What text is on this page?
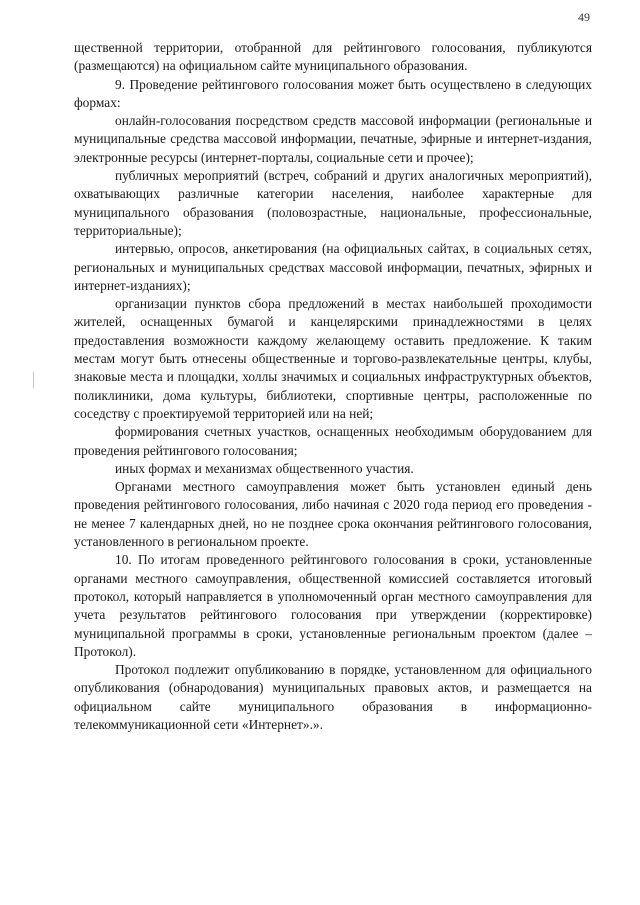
49

щественной территории, отобранной для рейтингового голосования, публикуются (размещаются) на официальном сайте муниципального образования.

9. Проведение рейтингового голосования может быть осуществлено в следующих формах:

онлайн-голосования посредством средств массовой информации (региональные и муниципальные средства массовой информации, печатные, эфирные и интернет-издания, электронные ресурсы (интернет-порталы, социальные сети и прочее);

публичных мероприятий (встреч, собраний и других аналогичных мероприятий), охватывающих различные категории населения, наиболее характерные для муниципального образования (половозрастные, национальные, профессиональные, территориальные);

интервью, опросов, анкетирования (на официальных сайтах, в социальных сетях, региональных и муниципальных средствах массовой информации, печатных, эфирных и интернет-изданиях);

организации пунктов сбора предложений в местах наибольшей проходимости жителей, оснащенных бумагой и канцелярскими принадлежностями в целях предоставления возможности каждому желающему оставить предложение. К таким местам могут быть отнесены общественные и торгово-развлекательные центры, клубы, знаковые места и площадки, холлы значимых и социальных инфраструктурных объектов, поликлиники, дома культуры, библиотеки, спортивные центры, расположенные по соседству с проектируемой территорией или на ней;

формирования счетных участков, оснащенных необходимым оборудованием для проведения рейтингового голосования;

иных формах и механизмах общественного участия.

Органами местного самоуправления может быть установлен единый день проведения рейтингового голосования, либо начиная с 2020 года период его проведения - не менее 7 календарных дней, но не позднее срока окончания рейтингового голосования, установленного в региональном проекте.

10. По итогам проведенного рейтингового голосования в сроки, установленные органами местного самоуправления, общественной комиссией составляется итоговый протокол, который направляется в уполномоченный орган местного самоуправления для учета результатов рейтингового голосования при утверждении (корректировке) муниципальной программы в сроки, установленные региональным проектом (далее – Протокол).

Протокол подлежит опубликованию в порядке, установленном для официального опубликования (обнародования) муниципальных правовых актов, и размещается на официальном сайте муниципального образования в информационно-телекоммуникационной сети «Интернет».».
